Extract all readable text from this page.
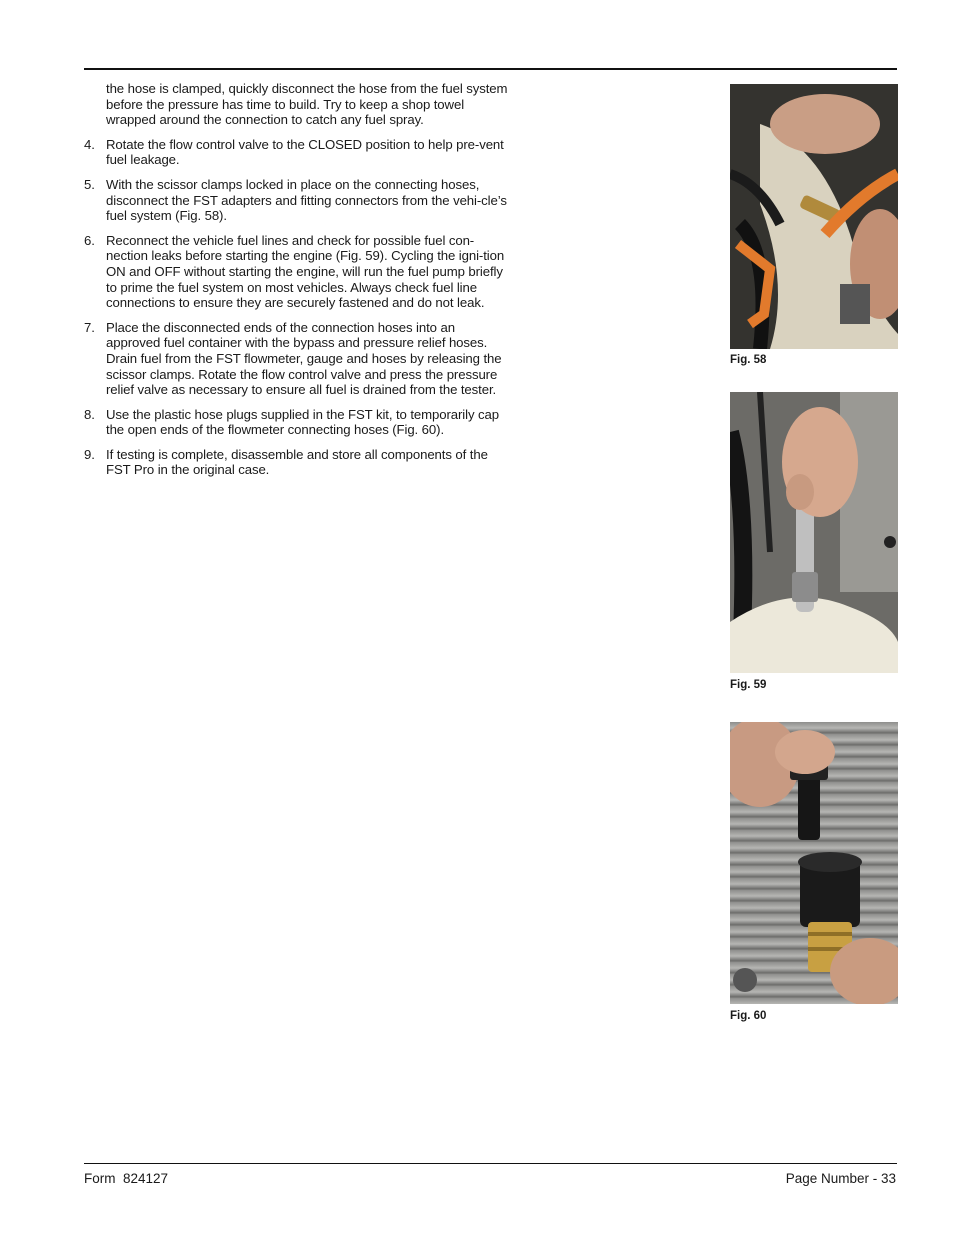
the hose is clamped, quickly disconnect the hose from the fuel system before the pressure has time to build. Try to keep a shop towel wrapped around the connection to catch any fuel spray.

4. Rotate the flow control valve to the CLOSED position to help pre-vent fuel leakage.
5. With the scissor clamps locked in place on the connecting hoses, disconnect the FST adapters and fitting connectors from the vehi-cle’s fuel system (Fig. 58).
6. Reconnect the vehicle fuel lines and check for possible fuel con-nection leaks before starting the engine (Fig. 59). Cycling the igni-tion ON and OFF without starting the engine, will run the fuel pump briefly to prime the fuel system on most vehicles. Always check fuel line connections to ensure they are securely fastened and do not leak.
7. Place the disconnected ends of the connection hoses into an approved fuel container with the bypass and pressure relief hoses. Drain fuel from the FST flowmeter, gauge and hoses by releasing the scissor clamps. Rotate the flow control valve and press the pressure relief valve as necessary to ensure all fuel is drained from the tester.
8. Use the plastic hose plugs supplied in the FST kit, to temporarily cap the open ends of the flowmeter connecting hoses (Fig. 60).
9. If testing is complete, disassemble and store all components of the FST Pro in the original case.
Fig. 58
Fig. 59
Fig. 60
Form  824127	Page Number - 33
